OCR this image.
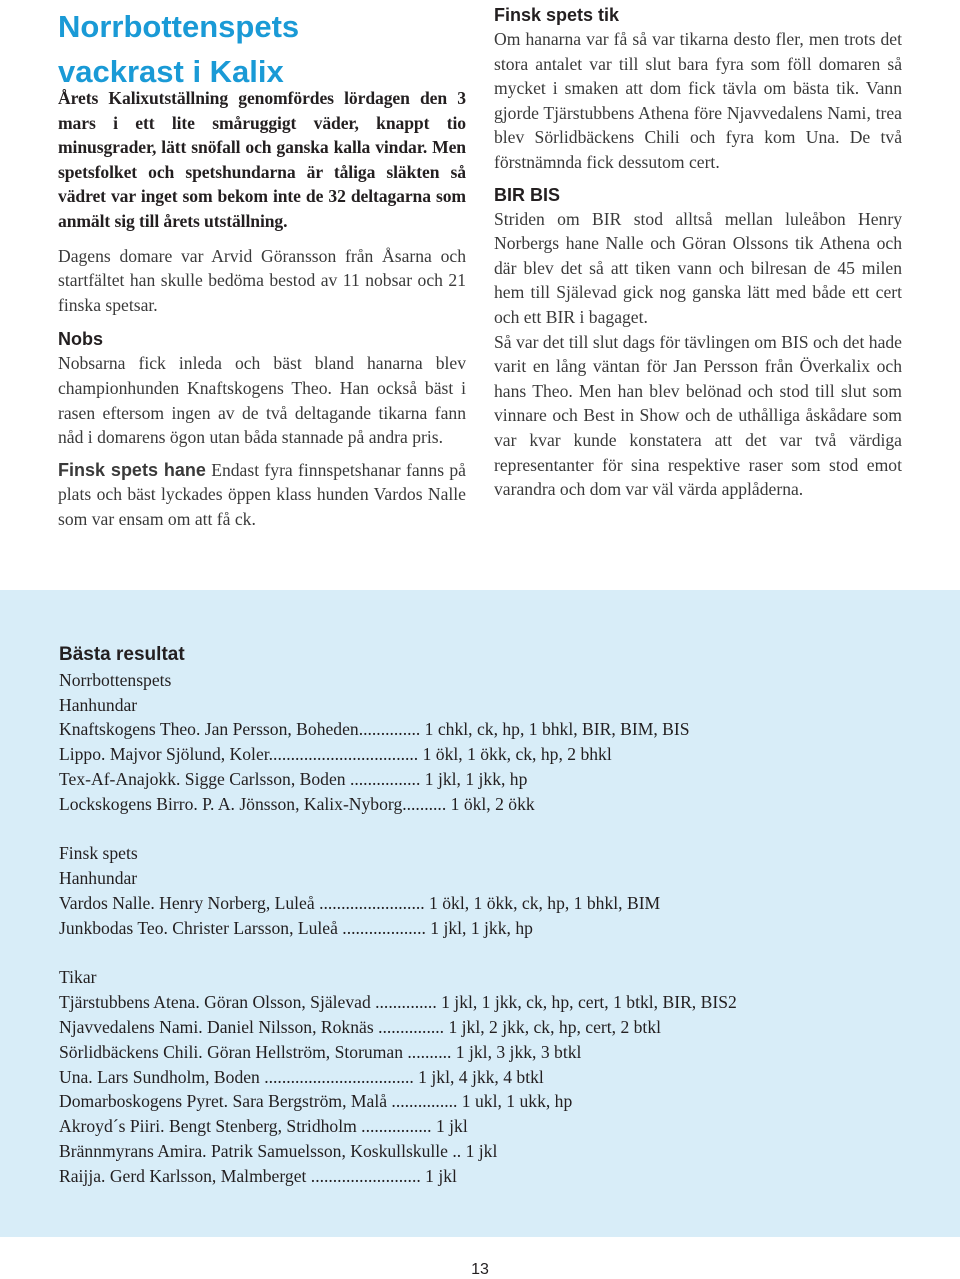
Norrbottenspets
vackrast i Kalix

Årets Kalixutställning genomfördes lördagen den 3 mars i ett lite småruggigt väder, knappt tio minusgrader, lätt snöfall och ganska kalla vindar. Men spetsfolket och spetshundarna är tåliga släkten så vädret var inget som bekom inte de 32 deltagarna som anmält sig till årets utställning.

Dagens domare var Arvid Göransson från Åsarna och startfältet han skulle bedöma bestod av 11 nobsar och 21 finska spetsar.

Nobs

Nobsarna fick inleda och bäst bland hanarna blev championhunden Knaftskogens Theo. Han också bäst i rasen eftersom ingen av de två deltagande tikarna fann nåd i domarens ögon utan båda stannade på andra pris.

Finsk spets hane Endast fyra finnspetshanar fanns på plats och bäst lyckades öppen klass hunden Vardos Nalle som var ensam om att få ck.

Finsk spets tik

Om hanarna var få så var tikarna desto fler, men trots det stora antalet var till slut bara fyra som föll domaren så mycket i smaken att dom fick tävla om bästa tik. Vann gjorde Tjärstubbens Athena före Njavvedalens Nami, trea blev Sörlidbäckens Chili och fyra kom Una. De två förstnämnda fick dessutom cert.

BIR BIS

Striden om BIR stod alltså mellan luleåbon Henry Norbergs hane Nalle och Göran Olssons tik Athena och där blev det så att tiken vann och bilresan de 45 milen hem till Själevad gick nog ganska lätt med både ett cert och ett BIR i bagaget.

Så var det till slut dags för tävlingen om BIS och det hade varit en lång väntan för Jan Persson från Överkalix och hans Theo. Men han blev belönad och stod till slut som vinnare och Best in Show och de uthålliga åskådare som var kvar kunde konstatera att det var två värdiga representanter för sina respektive raser som stod emot varandra och dom var väl värda applåderna.

Bästa resultat

Norrbottenspets

Hanhundar

Knaftskogens Theo. Jan Persson, Boheden.............. 1 chkl, ck, hp, 1 bhkl, BIR, BIM, BIS

Lippo. Majvor Sjölund, Koler.................................. 1 ökl, 1 ökk, ck, hp, 2 bhkl

Tex-Af-Anajokk. Sigge Carlsson, Boden ................ 1 jkl, 1 jkk, hp

Lockskogens Birro. P. A. Jönsson, Kalix-Nyborg.......... 1 ökl, 2 ökk

Finsk spets

Hanhundar

Vardos Nalle. Henry Norberg, Luleå ........................ 1 ökl, 1 ökk, ck, hp, 1 bhkl, BIM

Junkbodas Teo. Christer Larsson, Luleå ................... 1 jkl, 1 jkk, hp

Tikar

Tjärstubbens Atena. Göran Olsson, Själevad .............. 1 jkl, 1 jkk, ck, hp, cert, 1 btkl, BIR, BIS2

Njavvedalens Nami. Daniel Nilsson, Roknäs ............... 1 jkl, 2 jkk, ck, hp, cert, 2 btkl

Sörlidbäckens Chili. Göran Hellström, Storuman .......... 1 jkl, 3 jkk, 3 btkl

Una. Lars Sundholm, Boden .................................. 1 jkl, 4 jkk, 4 btkl

Domarboskogens Pyret. Sara Bergström, Malå ............... 1 ukl, 1 ukk, hp

Akroyd´s Piiri. Bengt Stenberg, Stridholm ................ 1 jkl

Brännmyrans Amira. Patrik Samuelsson, Koskullskulle .. 1 jkl

Raijja. Gerd Karlsson, Malmberget ......................... 1 jkl

13
